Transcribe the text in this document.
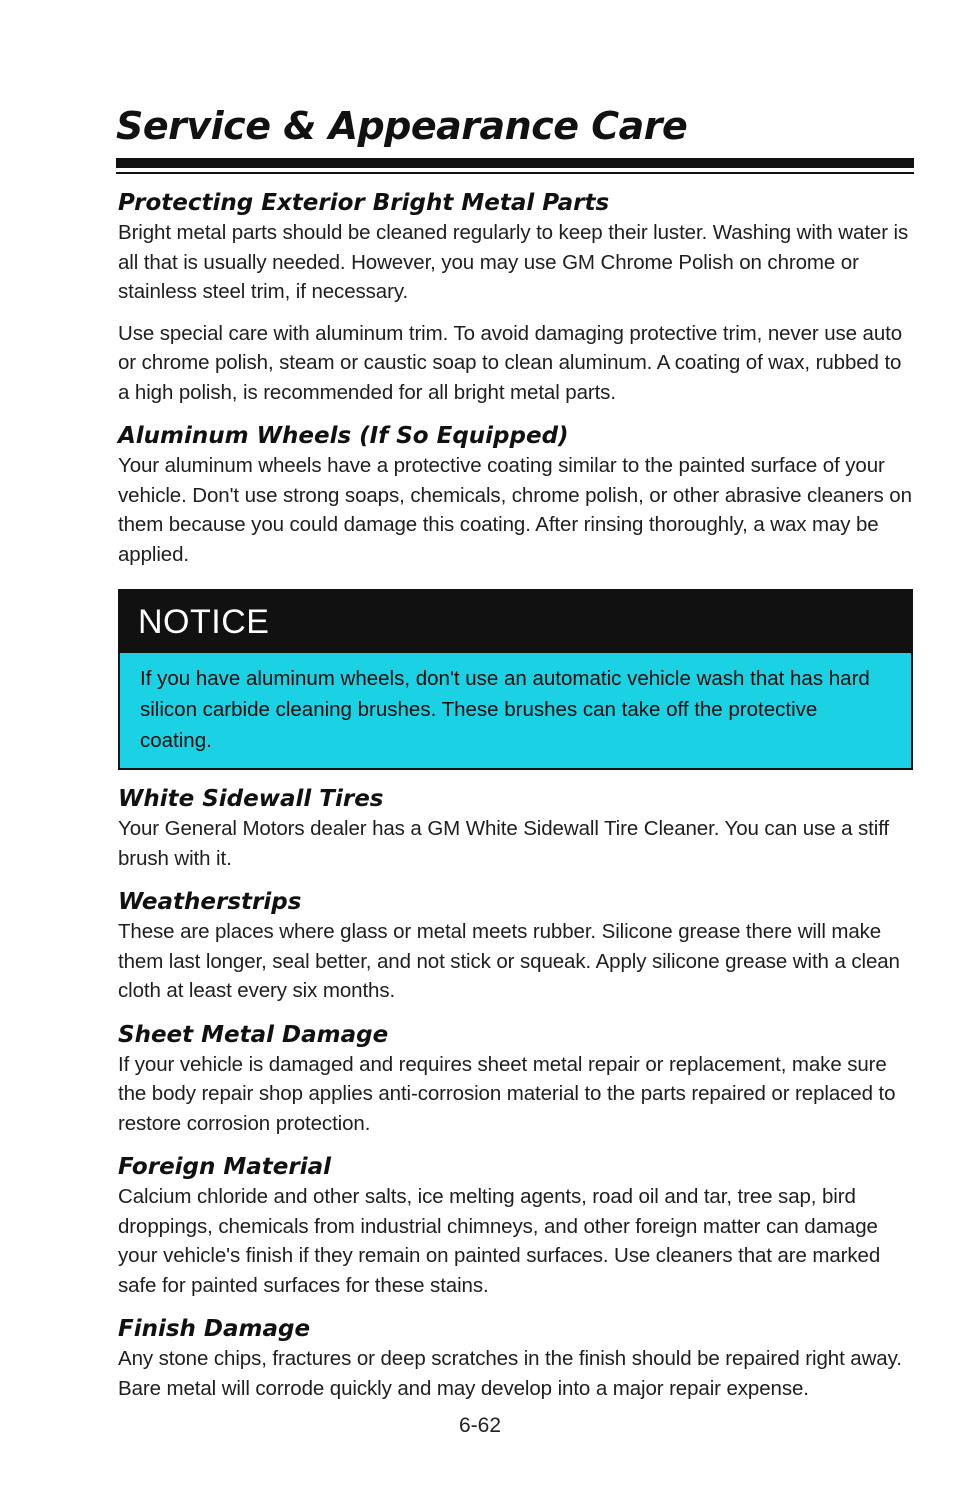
Service & Appearance Care
Protecting Exterior Bright Metal Parts

Bright metal parts should be cleaned regularly to keep their luster. Washing with water is all that is usually needed. However, you may use GM Chrome Polish on chrome or stainless steel trim, if necessary.

Use special care with aluminum trim. To avoid damaging protective trim, never use auto or chrome polish, steam or caustic soap to clean aluminum. A coating of wax, rubbed to a high polish, is recommended for all bright metal parts.

Aluminum Wheels (If So Equipped)

Your aluminum wheels have a protective coating similar to the painted surface of your vehicle. Don't use strong soaps, chemicals, chrome polish, or other abrasive cleaners on them because you could damage this coating. After rinsing thoroughly, a wax may be applied.

NOTICE
If you have aluminum wheels, don't use an automatic vehicle wash that has hard silicon carbide cleaning brushes. These brushes can take off the protective coating.
White Sidewall Tires

Your General Motors dealer has a GM White Sidewall Tire Cleaner. You can use a stiff brush with it.

Weatherstrips

These are places where glass or metal meets rubber. Silicone grease there will make them last longer, seal better, and not stick or squeak. Apply silicone grease with a clean cloth at least every six months.

Sheet Metal Damage

If your vehicle is damaged and requires sheet metal repair or replacement, make sure the body repair shop applies anti-corrosion material to the parts repaired or replaced to restore corrosion protection.

Foreign Material

Calcium chloride and other salts, ice melting agents, road oil and tar, tree sap, bird droppings, chemicals from industrial chimneys, and other foreign matter can damage your vehicle's finish if they remain on painted surfaces. Use cleaners that are marked safe for painted surfaces for these stains.

Finish Damage

Any stone chips, fractures or deep scratches in the finish should be repaired right away. Bare metal will corrode quickly and may develop into a major repair expense.

6-62
